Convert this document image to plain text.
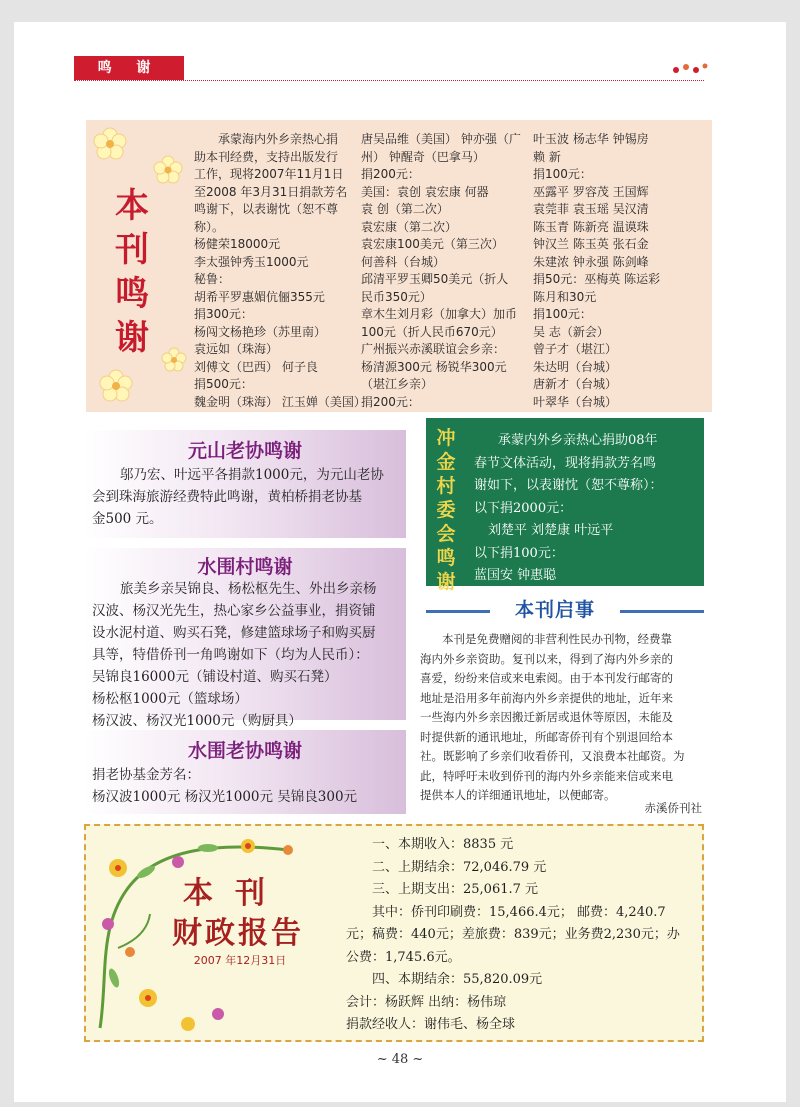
鸣 谢
本刊鸣谢
承蒙海内外乡亲热心捐
助本刊经费，支持出版发行
工作，现将2007年11月1日
至2008 年3月31日捐款芳名
鸣谢下，以表谢忱（恕不尊
称）。
杨健荣18000元
李太强钟秀玉1000元
秘鲁：
胡希平罗惠媚伉俪355元
捐300元：
杨闯文杨艳珍（苏里南）
袁远如（珠海）
刘傅文（巴西） 何子良
捐500元：
魏金明（珠海） 江玉婵（美国）
唐吴品维（美国） 钟亦强（广
州） 钟醒奇（巴拿马）
捐200元：
美国：袁创 袁宏康 何器
袁 创（第二次）
袁宏康（第二次）
袁宏康100美元（第三次）
何善科（台城）
邱清平罗玉卿50美元（折人
民币350元）
章木生刘月彩（加拿大）加币
100元（折人民币670元）
广州振兴赤溪联谊会乡亲：
杨清源300元 杨锐华300元
（堪江乡亲）
捐200元：
叶玉波 杨志华 钟锡房
赖 新
捐100元：
巫露平 罗容茂 王国辉
袁莞菲 袁玉瑶 吴汉清
陈玉青 陈新亮 温谟珠
钟汉兰 陈玉英 张石金
朱建浓 钟永强 陈剑峰
捐50元：巫梅英 陈运彩
陈月和30元
捐100元：
吴 志（新会）
曾子才（堪江）
朱达明（台城）
唐新才（台城）
叶翠华（台城）
元山老协鸣谢
邬乃宏、叶远平各捐款1000元，为元山老协
会到珠海旅游经费特此鸣谢，黄柏桥捐老协基
金500 元。
水围村鸣谢
旅美乡亲吴锦良、杨松枢先生、外出乡亲杨
汉波、杨汉光先生，热心家乡公益事业，捐资铺
设水泥村道、购买石凳，修建篮球场子和购买厨
具等，特借侨刊一角鸣谢如下（均为人民币）：
吴锦良16000元（铺设村道、购买石凳）
杨松枢1000元（篮球场）
杨汉波、杨汉光1000元（购厨具）
水围老协鸣谢
捐老协基金芳名：
杨汉波1000元 杨汉光1000元 吴锦良300元
冲金村委会鸣谢
承蒙内外乡亲热心捐助08年
春节文体活动，现将捐款芳名鸣
谢如下，以表谢忱（恕不尊称）：
以下捐2000元：
刘楚平 刘楚康 叶远平
以下捐100元：
蓝国安 钟惠聪
本刊启事
本刊是免费赠阅的非营利性民办刊物，经费靠
海内外乡亲资助。复刊以来，得到了海内外乡亲的
喜爱，纷纷来信或来电索阅。由于本刊发行邮寄的
地址是沿用多年前海内外乡亲提供的地址，近年来
一些海内外乡亲因搬迁新居或退休等原因，未能及
时提供新的通讯地址，所邮寄侨刊有个别退回给本
社。既影响了乡亲们收看侨刊，又浪费本社邮资。为
此，特呼吁未收到侨刊的海内外乡亲能来信或来电
提供本人的详细通讯地址，以便邮寄。
赤溪侨刊社
本刊
财政报告
2007 年12月31日
一、本期收入：8835 元
二、上期结余：72,046.79 元
三、上期支出：25,061.7 元
其中：侨刊印刷费：15,466.4元； 邮费：4,240.7
元；稿费：440元；差旅费：839元；业务费2,230元；办
公费：1,745.6元。
四、本期结余：55,820.09元
会计：杨跃辉 出纳：杨伟琼
捐款经收人：谢伟毛、杨全球
~ 48 ~
